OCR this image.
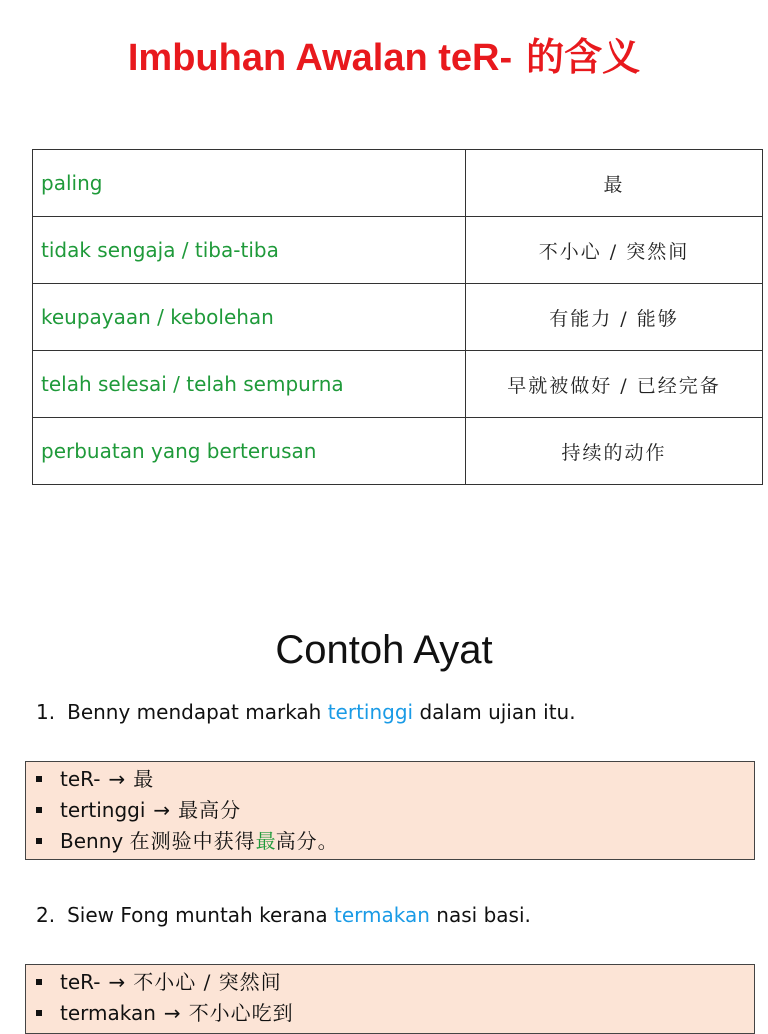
Imbuhan Awalan teR- 的含义
paling	最
tidak sengaja / tiba-tiba	不小心 / 突然间
keupayaan / kebolehan	有能力 / 能够
telah selesai / telah sempurna	早就被做好 / 已经完备
perbuatan yang berterusan	持续的动作
Contoh Ayat
1. Benny mendapat markah tertinggi dalam ujian itu.
teR- → 最
tertinggi → 最高分
Benny 在测验中获得最高分。
2. Siew Fong muntah kerana termakan nasi basi.
teR- → 不小心 / 突然间
termakan → 不小心吃到
